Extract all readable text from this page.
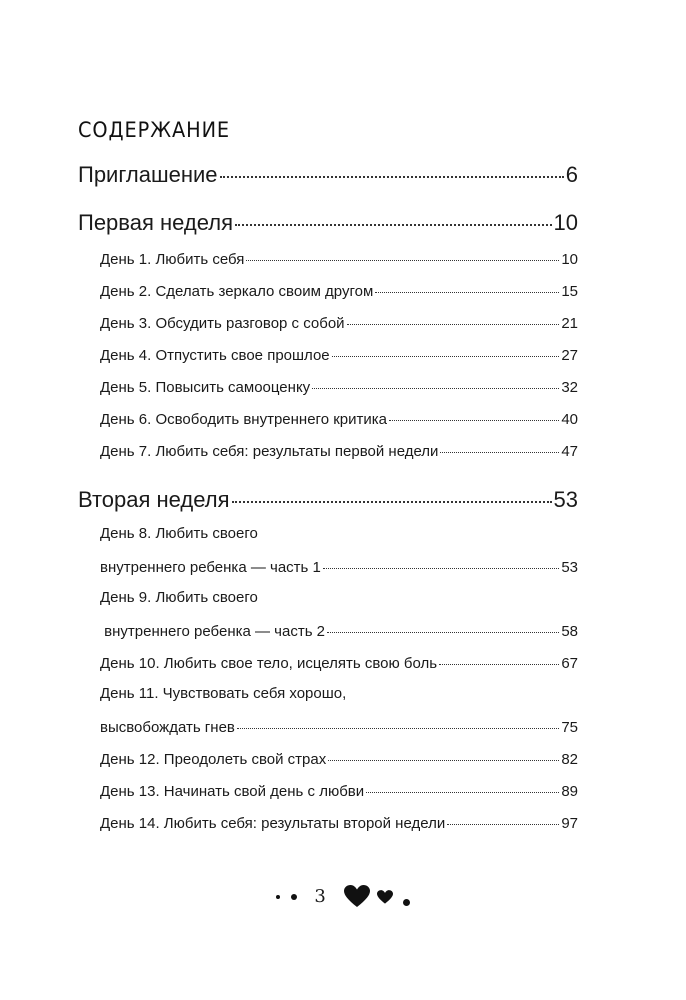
СОДЕРЖАНИЕ
Приглашение	6
Первая неделя	10
День 1. Любить себя	10
День 2. Сделать зеркало своим другом	15
День 3. Обсудить разговор с собой	21
День 4. Отпустить свое прошлое	27
День 5. Повысить самооценку	32
День 6. Освободить внутреннего критика	40
День 7. Любить себя: результаты первой недели	47
Вторая неделя	53
День 8. Любить своего
внутреннего ребенка — часть 1	53
День 9. Любить своего
внутреннего ребенка — часть 2	58
День 10. Любить свое тело, исцелять свою боль	67
День 11. Чувствовать себя хорошо,
высвобождать гнев	75
День 12. Преодолеть свой страх	82
День 13. Начинать свой день с любви	89
День 14. Любить себя: результаты второй недели	97
3
